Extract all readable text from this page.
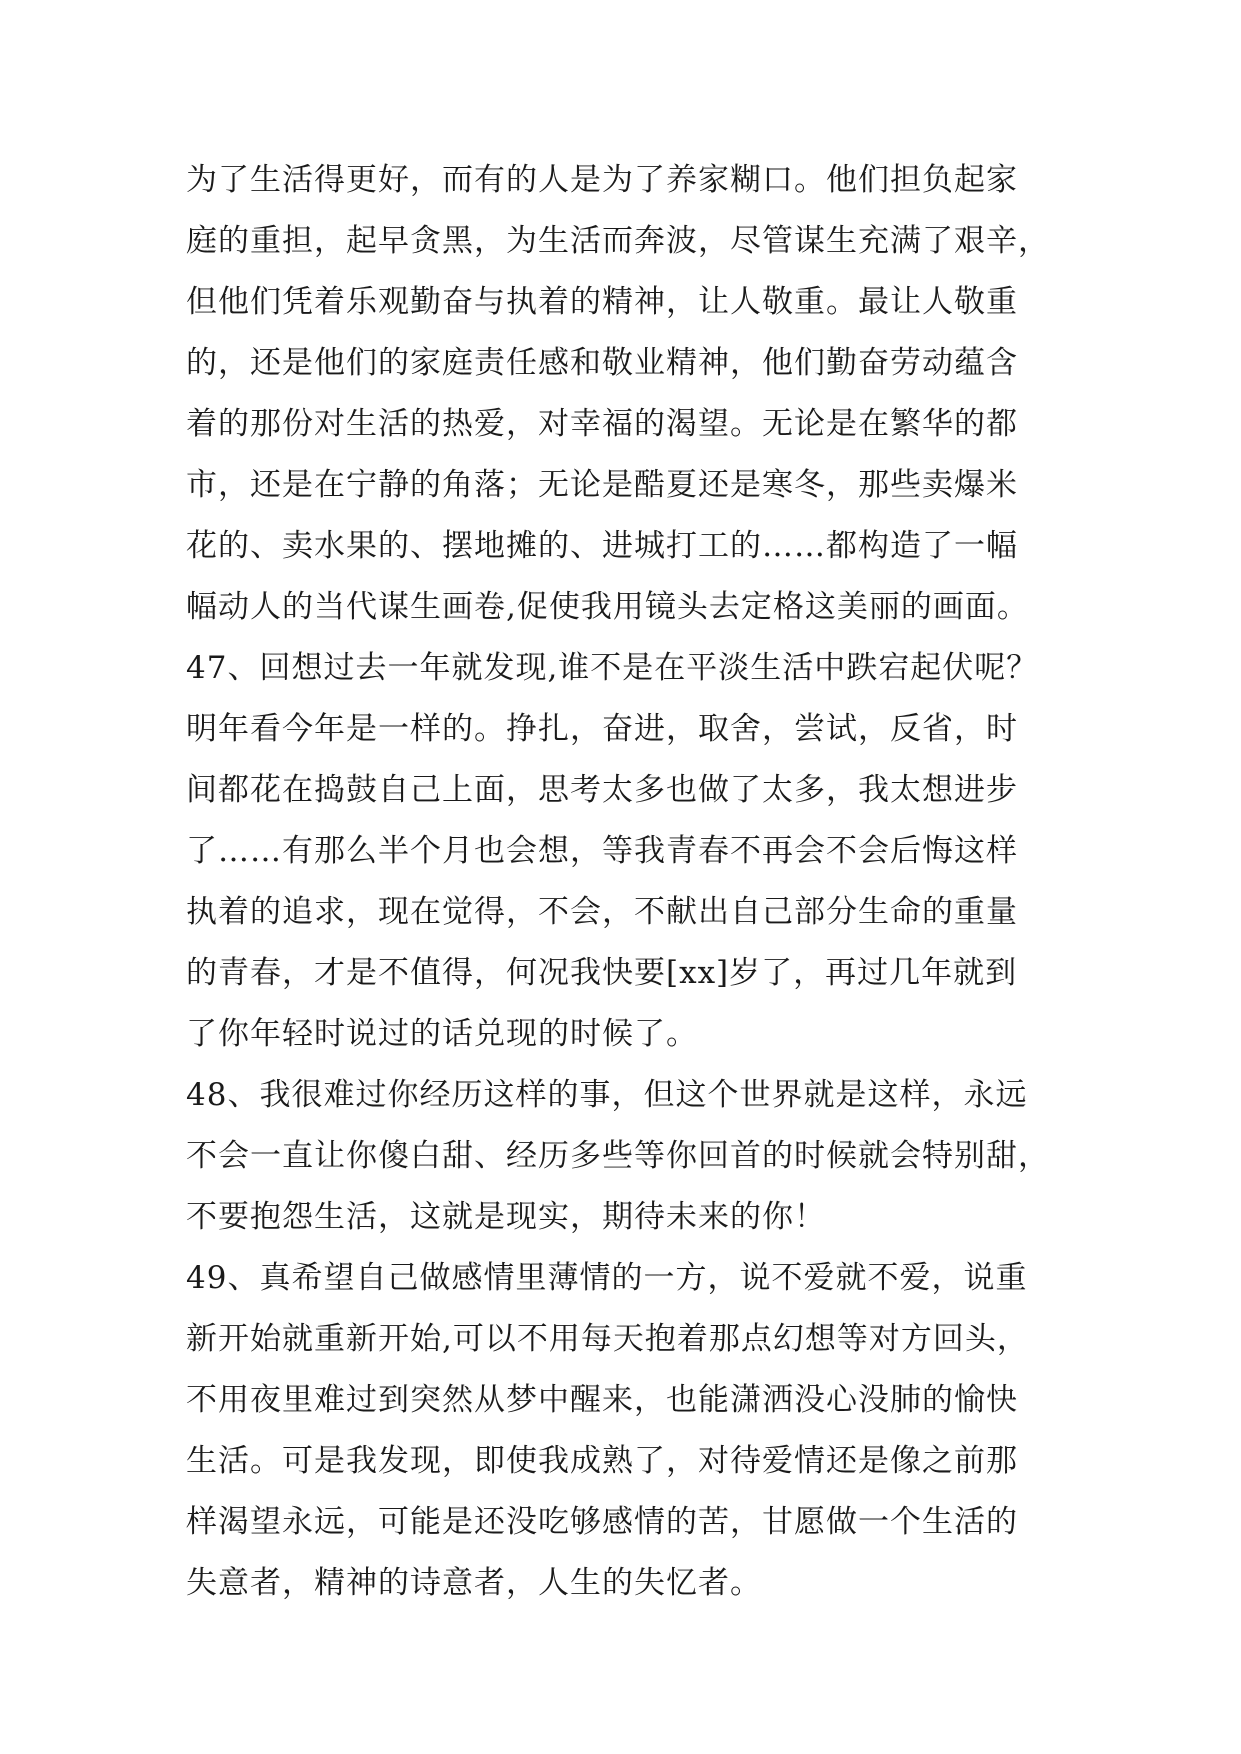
为了生活得更好，而有的人是为了养家糊口。他们担负起家
庭的重担，起早贪黑，为生活而奔波，尽管谋生充满了艰辛，
但他们凭着乐观勤奋与执着的精神，让人敬重。最让人敬重
的，还是他们的家庭责任感和敬业精神，他们勤奋劳动蕴含
着的那份对生活的热爱，对幸福的渴望。无论是在繁华的都
市，还是在宁静的角落；无论是酷夏还是寒冬，那些卖爆米
花的、卖水果的、摆地摊的、进城打工的……都构造了一幅
幅动人的当代谋生画卷,促使我用镜头去定格这美丽的画面。
47、回想过去一年就发现,谁不是在平淡生活中跌宕起伏呢？
明年看今年是一样的。挣扎，奋进，取舍，尝试，反省，时
间都花在捣鼓自己上面，思考太多也做了太多，我太想进步
了……有那么半个月也会想，等我青春不再会不会后悔这样
执着的追求，现在觉得，不会，不献出自己部分生命的重量
的青春，才是不值得，何况我快要[xx]岁了，再过几年就到
了你年轻时说过的话兑现的时候了。
48、我很难过你经历这样的事，但这个世界就是这样，永远
不会一直让你傻白甜、经历多些等你回首的时候就会特别甜，
不要抱怨生活，这就是现实，期待未来的你！
49、真希望自己做感情里薄情的一方，说不爱就不爱，说重
新开始就重新开始,可以不用每天抱着那点幻想等对方回头，
不用夜里难过到突然从梦中醒来，也能潇洒没心没肺的愉快
生活。可是我发现，即使我成熟了，对待爱情还是像之前那
样渴望永远，可能是还没吃够感情的苦，甘愿做一个生活的
失意者，精神的诗意者，人生的失忆者。
